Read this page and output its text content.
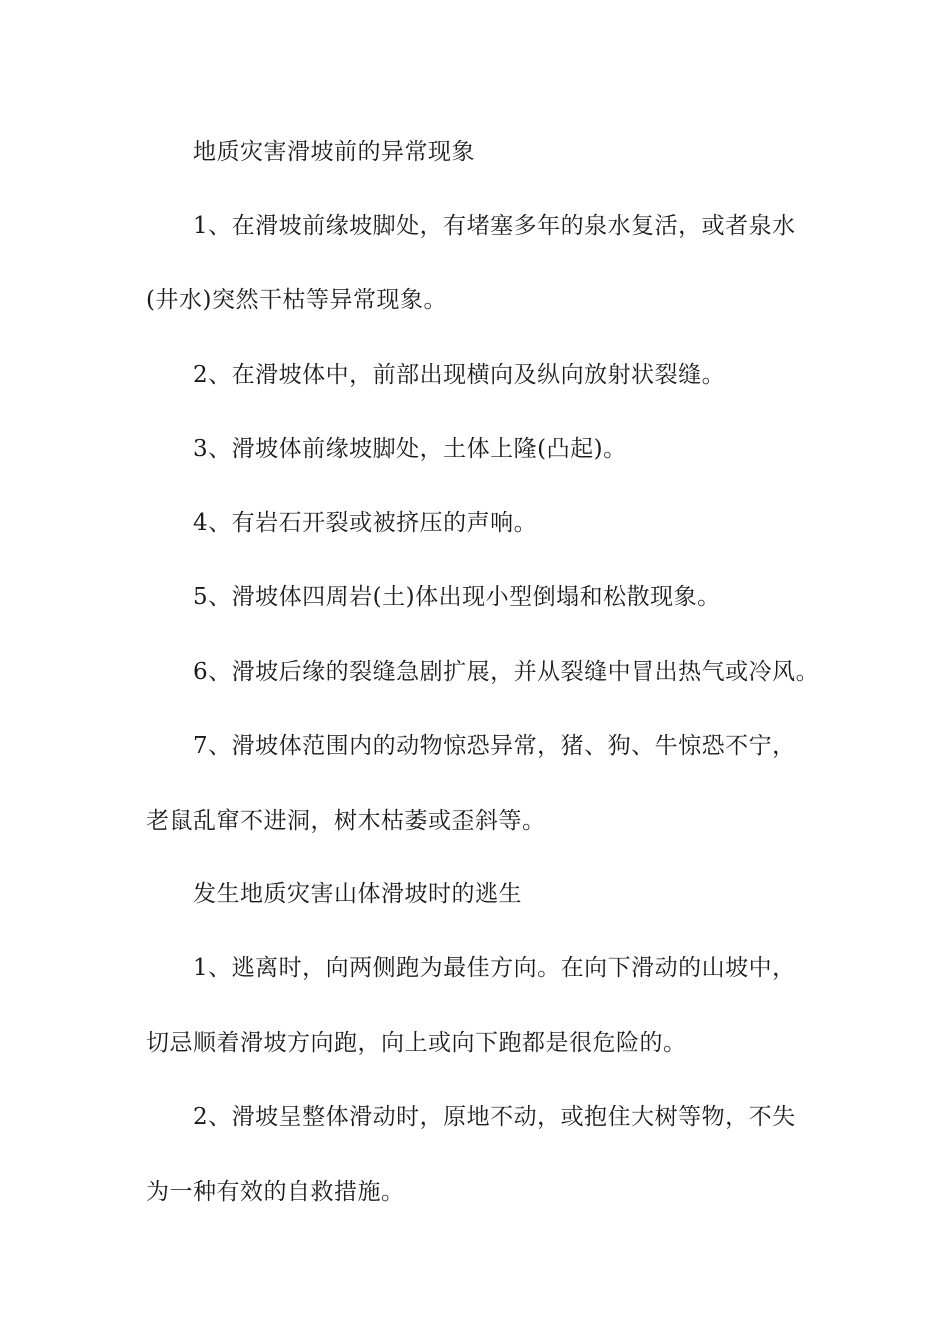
地质灾害滑坡前的异常现象
1、在滑坡前缘坡脚处，有堵塞多年的泉水复活，或者泉水
(井水)突然干枯等异常现象。
2、在滑坡体中，前部出现横向及纵向放射状裂缝。
3、滑坡体前缘坡脚处，土体上隆(凸起)。
4、有岩石开裂或被挤压的声响。
5、滑坡体四周岩(土)体出现小型倒塌和松散现象。
6、滑坡后缘的裂缝急剧扩展，并从裂缝中冒出热气或冷风。
7、滑坡体范围内的动物惊恐异常，猪、狗、牛惊恐不宁，
老鼠乱窜不进洞，树木枯萎或歪斜等。
发生地质灾害山体滑坡时的逃生
1、逃离时，向两侧跑为最佳方向。在向下滑动的山坡中，
切忌顺着滑坡方向跑，向上或向下跑都是很危险的。
2、滑坡呈整体滑动时，原地不动，或抱住大树等物，不失
为一种有效的自救措施。
